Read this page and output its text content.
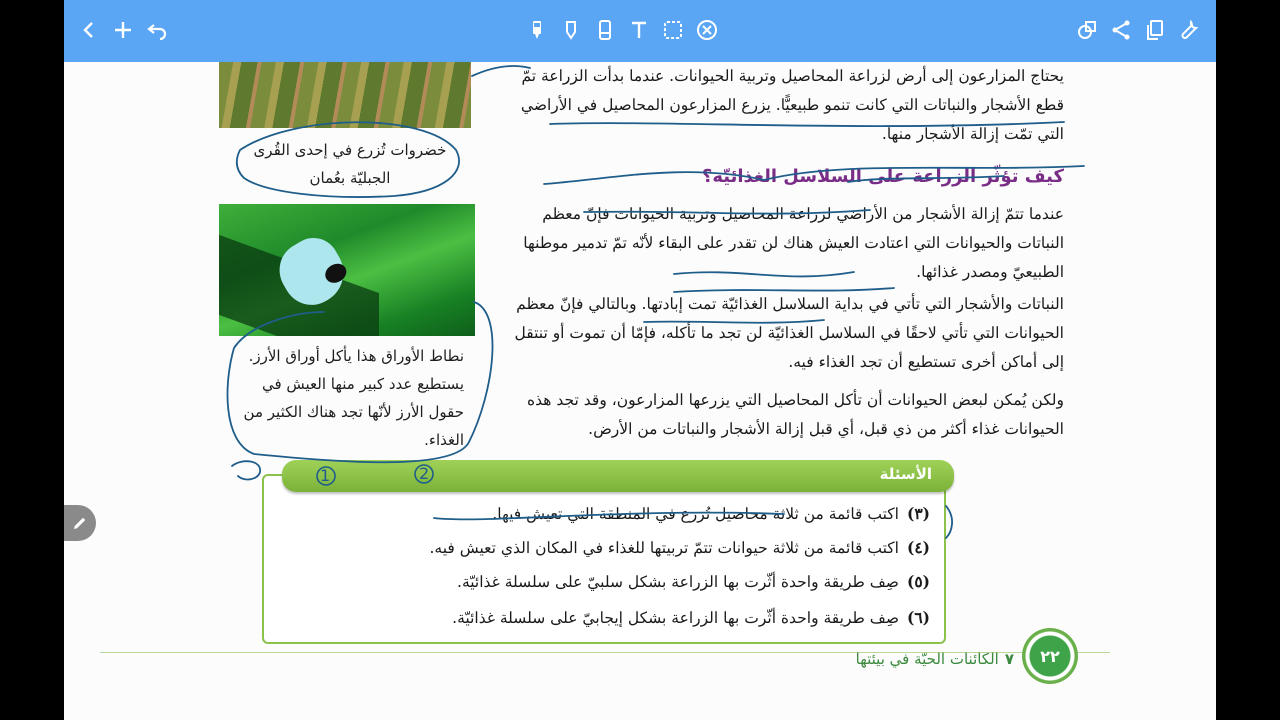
خضروات تُزرع في إحدى القُرى الجبليّة بعُمان
نطاط الأوراق هذا يأكل أوراق الأرز. يستطيع عدد كبير منها العيش في حقول الأرز لأنّها تجد هناك الكثير من الغذاء.
يحتاج المزارعون إلى أرض لزراعة المحاصيل وتربية الحيوانات. عندما بدأت الزراعة تمّ قطع الأشجار والنباتات التي كانت تنمو طبيعيًّا. يزرع المزارعون المحاصيل في الأراضي التي تمّت إزالة الأشجار منها.
كيف تؤثّر الزراعة على السلاسل الغذائيّة؟
عندما تتمّ إزالة الأشجار من الأراضي لزراعة المحاصيل وتربية الحيوانات فإنّ معظم النباتات والحيوانات التي اعتادت العيش هناك لن تقدر على البقاء لأنّه تمّ تدمير موطنها الطبيعيّ ومصدر غذائها.
النباتات والأشجار التي تأتي في بداية السلاسل الغذائيّة تمت إبادتها. وبالتالي فإنّ معظم الحيوانات التي تأتي لاحقًا في السلاسل الغذائيّة لن تجد ما تأكله، فإمّا أن تموت أو تنتقل إلى أماكن أخرى تستطيع أن تجد الغذاء فيه.
ولكن يُمكن لبعض الحيوانات أن تأكل المحاصيل التي يزرعها المزارعون، وقد تجد هذه الحيوانات غذاء أكثر من ذي قبل، أي قبل إزالة الأشجار والنباتات من الأرض.
الأسئلة
(٣)اكتب قائمة من ثلاثة محاصيل تُزرع في المنطقة التي تعيش فيها.
(٤)اكتب قائمة من ثلاثة حيوانات تتمّ تربيتها للغذاء في المكان الذي تعيش فيه.
(٥)صِف طريقة واحدة أثّرت بها الزراعة بشكل سلبيّ على سلسلة غذائيّة.
(٦)صِف طريقة واحدة أثّرت بها الزراعة بشكل إيجابيّ على سلسلة غذائيّة.
٢٢
٧الكائنات الحيّة في بيئتها
1	2
